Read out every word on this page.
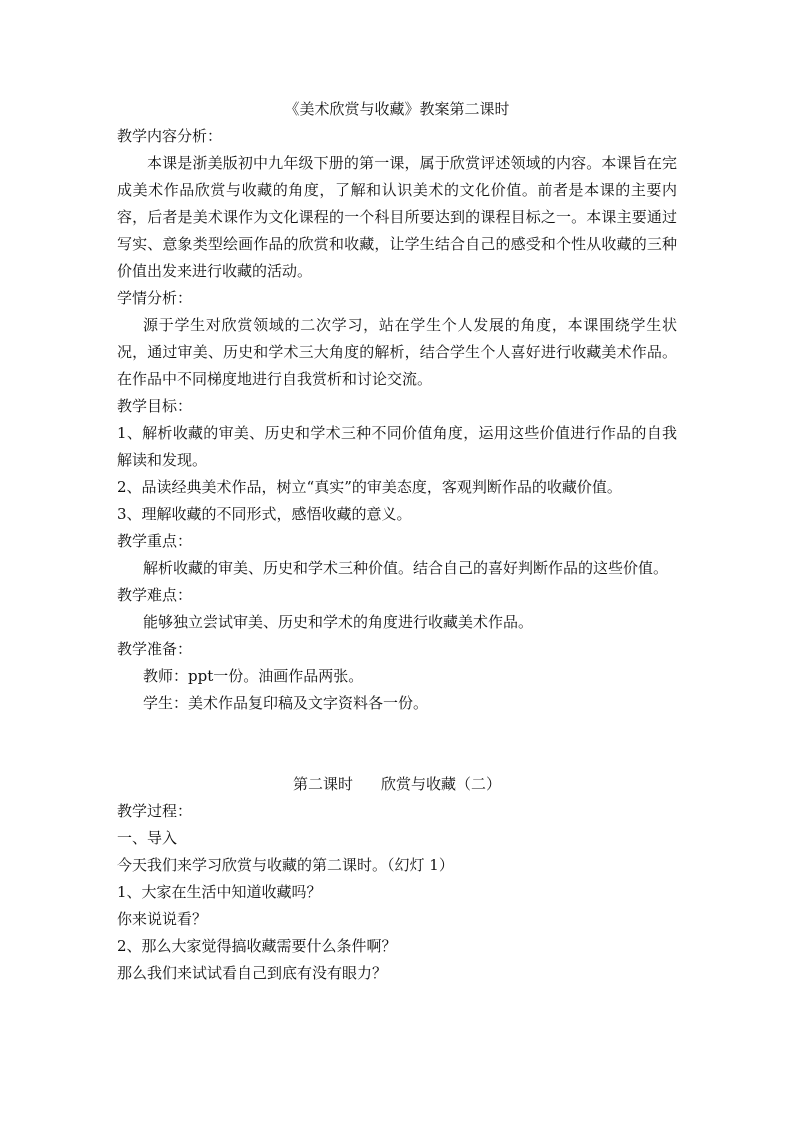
《美术欣赏与收藏》教案第二课时

教学内容分析：

本课是浙美版初中九年级下册的第一课，属于欣赏评述领域的内容。本课旨在完成美术作品欣赏与收藏的角度，了解和认识美术的文化价值。前者是本课的主要内容，后者是美术课作为文化课程的一个科目所要达到的课程目标之一。本课主要通过写实、意象类型绘画作品的欣赏和收藏，让学生结合自己的感受和个性从收藏的三种价值出发来进行收藏的活动。

学情分析：

源于学生对欣赏领域的二次学习，站在学生个人发展的角度，本课围绕学生状况，通过审美、历史和学术三大角度的解析，结合学生个人喜好进行收藏美术作品。在作品中不同梯度地进行自我赏析和讨论交流。

教学目标：

1、解析收藏的审美、历史和学术三种不同价值角度，运用这些价值进行作品的自我解读和发现。

2、品读经典美术作品，树立“真实”的审美态度，客观判断作品的收藏价值。

3、理解收藏的不同形式，感悟收藏的意义。

教学重点：

解析收藏的审美、历史和学术三种价值。结合自己的喜好判断作品的这些价值。

教学难点：

能够独立尝试审美、历史和学术的角度进行收藏美术作品。

教学准备：

教师：ppt一份。油画作品两张。

学生：美术作品复印稿及文字资料各一份。

第二课时 欣赏与收藏（二）

教学过程：

一、导入

今天我们来学习欣赏与收藏的第二课时。（幻灯 1）

1、大家在生活中知道收藏吗？

你来说说看？

2、那么大家觉得搞收藏需要什么条件啊？

那么我们来试试看自己到底有没有眼力？
